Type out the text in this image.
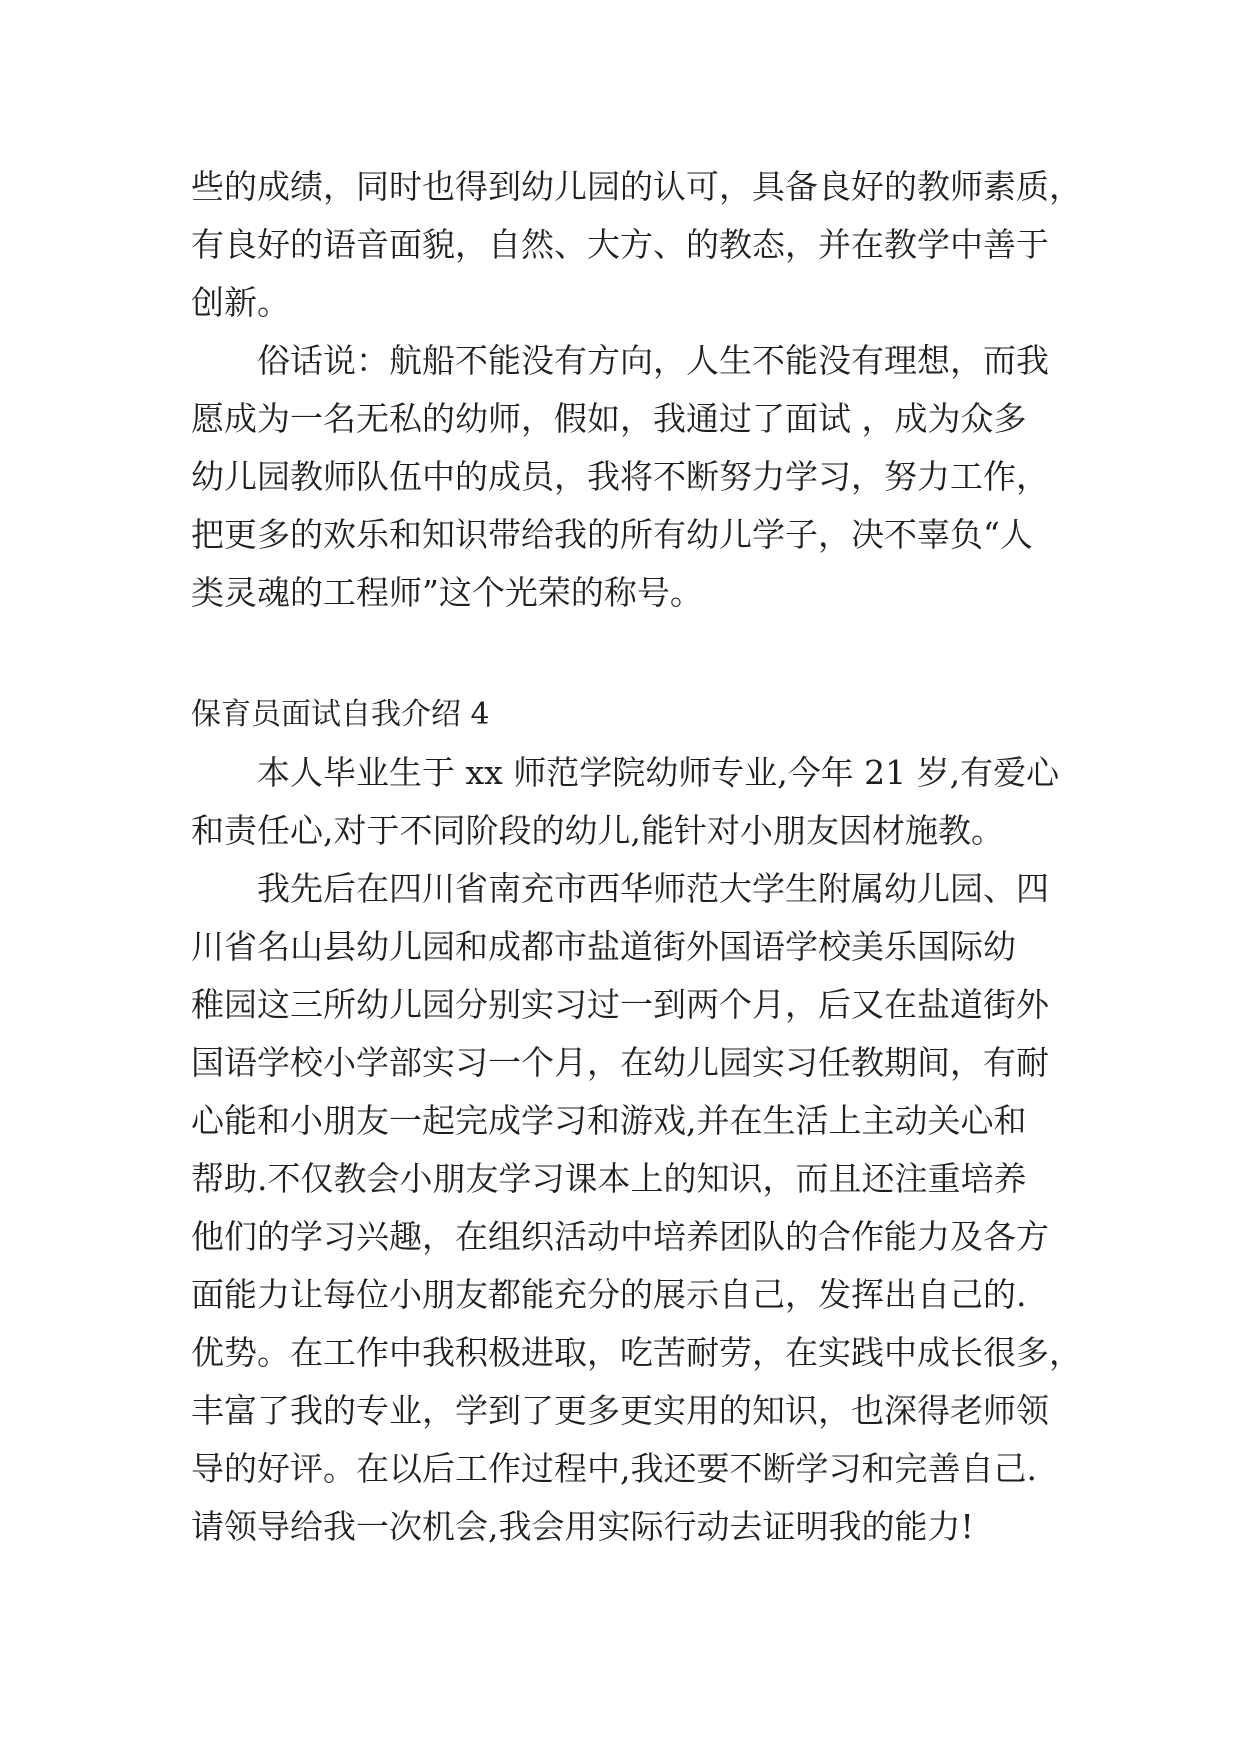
些的成绩，同时也得到幼儿园的认可，具备良好的教师素质，
有良好的语音面貌，自然、大方、的教态，并在教学中善于
创新。
俗话说：航船不能没有方向，人生不能没有理想，而我
愿成为一名无私的幼师，假如，我通过了面试 ，成为众多
幼儿园教师队伍中的成员，我将不断努力学习，努力工作，
把更多的欢乐和知识带给我的所有幼儿学子，决不辜负“人
类灵魂的工程师”这个光荣的称号。
保育员面试自我介绍 4
本人毕业生于 xx 师范学院幼师专业,今年 21 岁,有爱心
和责任心,对于不同阶段的幼儿,能针对小朋友因材施教。
我先后在四川省南充市西华师范大学生附属幼儿园、四
川省名山县幼儿园和成都市盐道街外国语学校美乐国际幼
稚园这三所幼儿园分别实习过一到两个月，后又在盐道街外
国语学校小学部实习一个月，在幼儿园实习任教期间，有耐
心能和小朋友一起完成学习和游戏,并在生活上主动关心和
帮助.不仅教会小朋友学习课本上的知识，而且还注重培养
他们的学习兴趣，在组织活动中培养团队的合作能力及各方
面能力让每位小朋友都能充分的展示自己，发挥出自己的.
优势。在工作中我积极进取，吃苦耐劳，在实践中成长很多，
丰富了我的专业，学到了更多更实用的知识，也深得老师领
导的好评。在以后工作过程中,我还要不断学习和完善自己.
请领导给我一次机会,我会用实际行动去证明我的能力!
